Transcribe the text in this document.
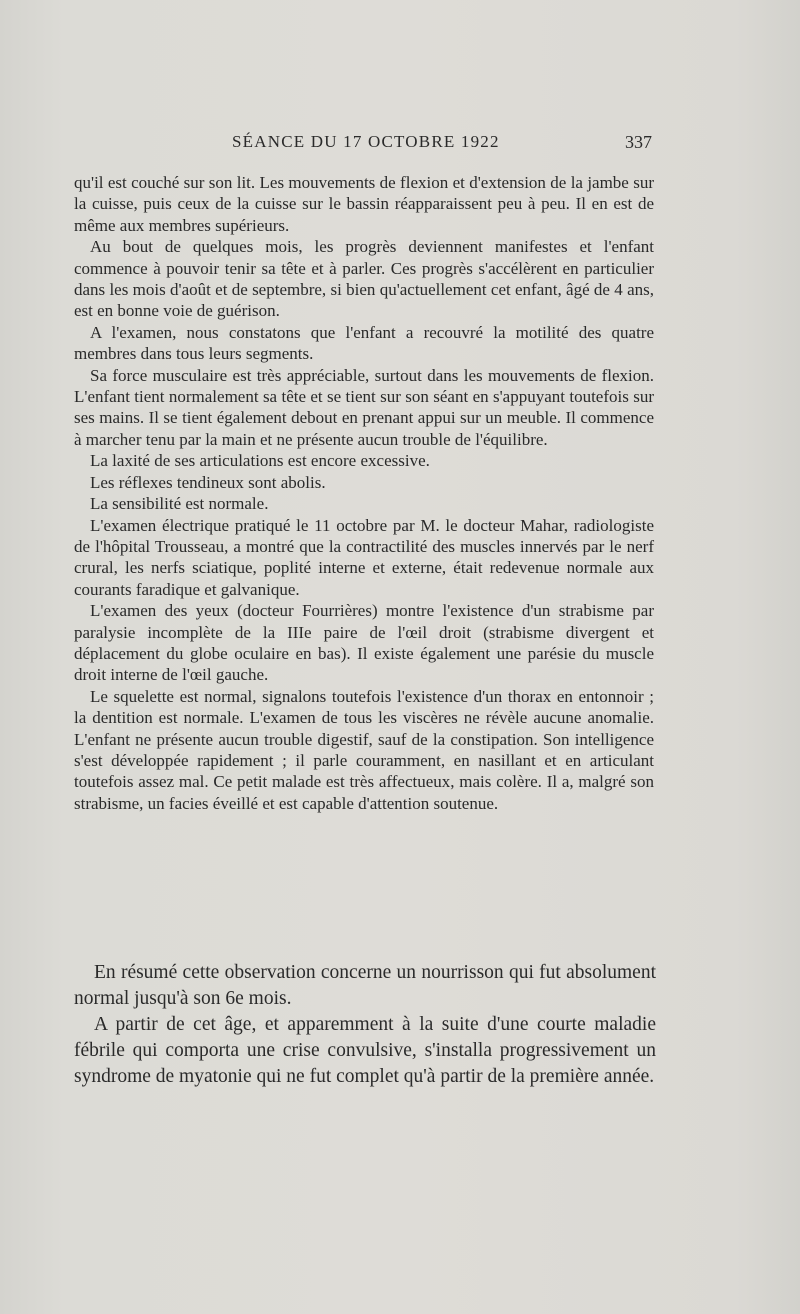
SÉANCE DU 17 OCTOBRE 1922	337

qu'il est couché sur son lit. Les mouvements de flexion et d'extension de la jambe sur la cuisse, puis ceux de la cuisse sur le bassin réapparaissent peu à peu. Il en est de même aux membres supérieurs.

Au bout de quelques mois, les progrès deviennent manifestes et l'enfant commence à pouvoir tenir sa tête et à parler. Ces progrès s'accélèrent en particulier dans les mois d'août et de septembre, si bien qu'actuellement cet enfant, âgé de 4 ans, est en bonne voie de guérison.

A l'examen, nous constatons que l'enfant a recouvré la motilité des quatre membres dans tous leurs segments.

Sa force musculaire est très appréciable, surtout dans les mouvements de flexion. L'enfant tient normalement sa tête et se tient sur son séant en s'appuyant toutefois sur ses mains. Il se tient également debout en prenant appui sur un meuble. Il commence à marcher tenu par la main et ne présente aucun trouble de l'équilibre.

La laxité de ses articulations est encore excessive.

Les réflexes tendineux sont abolis.

La sensibilité est normale.

L'examen électrique pratiqué le 11 octobre par M. le docteur Mahar, radiologiste de l'hôpital Trousseau, a montré que la contractilité des muscles innervés par le nerf crural, les nerfs sciatique, poplité interne et externe, était redevenue normale aux courants faradique et galvanique.

L'examen des yeux (docteur Fourrières) montre l'existence d'un strabisme par paralysie incomplète de la IIIe paire de l'œil droit (strabisme divergent et déplacement du globe oculaire en bas). Il existe également une parésie du muscle droit interne de l'œil gauche.

Le squelette est normal, signalons toutefois l'existence d'un thorax en entonnoir ; la dentition est normale. L'examen de tous les viscères ne révèle aucune anomalie. L'enfant ne présente aucun trouble digestif, sauf de la constipation. Son intelligence s'est développée rapidement ; il parle couramment, en nasillant et en articulant toutefois assez mal. Ce petit malade est très affectueux, mais colère. Il a, malgré son strabisme, un facies éveillé et est capable d'attention soutenue.

En résumé cette observation concerne un nourrisson qui fut absolument normal jusqu'à son 6e mois.

A partir de cet âge, et apparemment à la suite d'une courte maladie fébrile qui comporta une crise convulsive, s'installa progressivement un syndrome de myatonie qui ne fut complet qu'à partir de la première année.
